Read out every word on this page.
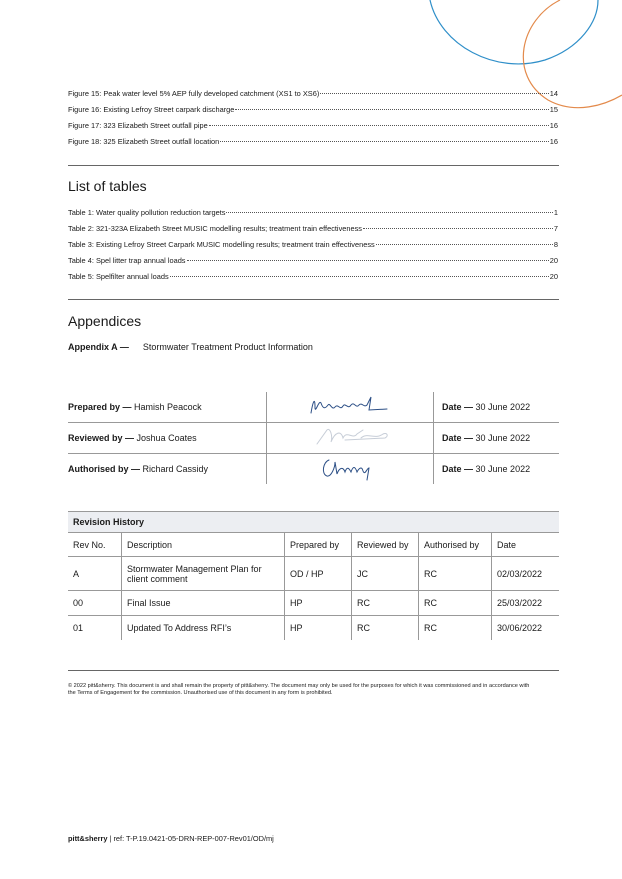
Figure 15: Peak water level 5% AEP fully developed catchment (XS1 to XS6)	14
Figure 16: Existing Lefroy Street carpark discharge	15
Figure 17: 323 Elizabeth Street outfall pipe	16
Figure 18: 325 Elizabeth Street outfall location	16
List of tables
Table 1: Water quality pollution reduction targets	1
Table 2: 321-323A Elizabeth Street MUSIC modelling results; treatment train effectiveness	7
Table 3: Existing Lefroy Street Carpark MUSIC modelling results; treatment train effectiveness	8
Table 4: Spel litter trap annual loads	20
Table 5: Spelfilter annual loads	20
Appendices
Appendix A — Stormwater Treatment Product Information
Prepared by — Hamish Peacock		Date — 30 June 2022
Reviewed by — Joshua Coates		Date — 30 June 2022
Authorised by — Richard Cassidy		Date — 30 June 2022
Revision History					
Rev No.	Description	Prepared by	Reviewed by	Authorised by	Date
A	Stormwater Management Plan for client comment	OD / HP	JC	RC	02/03/2022
00	Final Issue	HP	RC	RC	25/03/2022
01	Updated To Address RFI’s	HP	RC	RC	30/06/2022
© 2022 pitt&sherry. This document is and shall remain the property of pitt&sherry. The document may only be used for the purposes for which it was commissioned and in accordance with the Terms of Engagement for the commission. Unauthorised use of this document in any form is prohibited.
pitt&sherry | ref: T-P.19.0421-05-DRN-REP-007-Rev01/OD/mj
